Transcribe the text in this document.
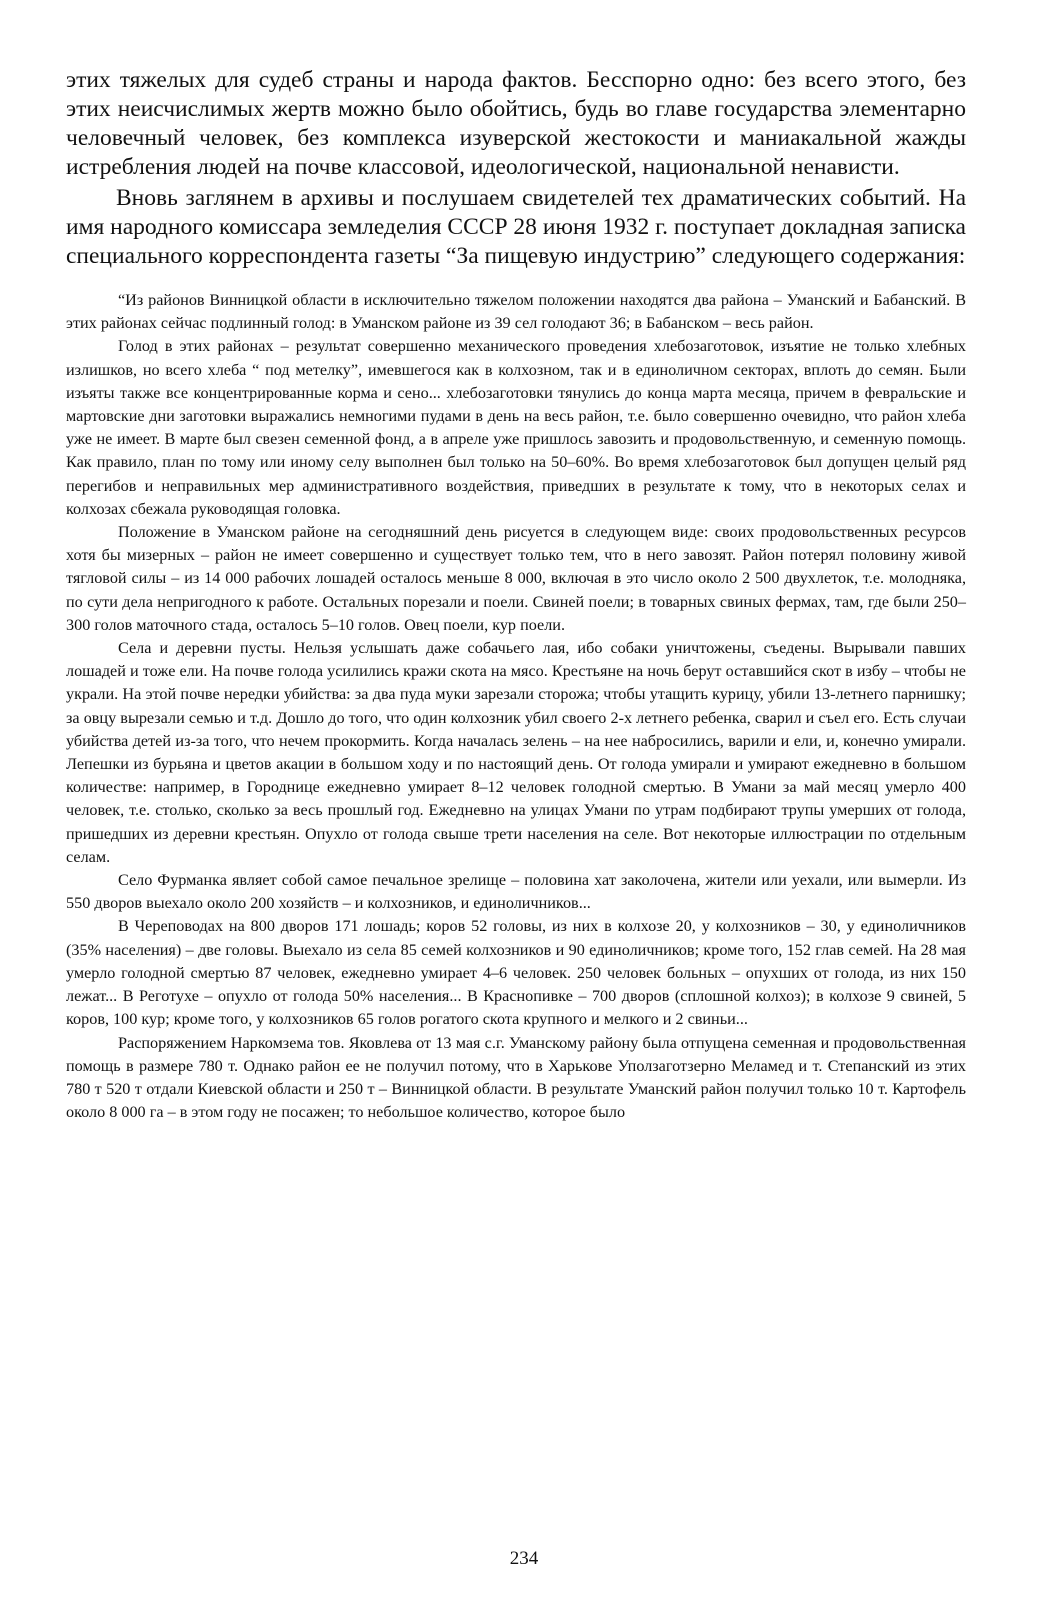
этих тяжелых для судеб страны и народа фактов. Бесспорно одно: без всего этого, без этих неисчислимых жертв можно было обойтись, будь во главе государства элементарно человечный человек, без комплекса изуверской жестокости и маниакальной жажды истребления людей на почве классовой, идеологической, национальной ненависти.

Вновь заглянем в архивы и послушаем свидетелей тех драматических событий. На имя народного комиссара земледелия СССР 28 июня 1932 г. поступает докладная записка специального корреспондента газеты “За пищевую индустрию” следующего содержания:

“Из районов Винницкой области в исключительно тяжелом положении находятся два района – Уманский и Бабанский. В этих районах сейчас подлинный голод: в Уманском районе из 39 сел голодают 36; в Бабанском – весь район.

Голод в этих районах – результат совершенно механического проведения хлебозаготовок, изъятие не только хлебных излишков, но всего хлеба “ под метелку”, имевшегося как в колхозном, так и в единоличном секторах, вплоть до семян. Были изъяты также все концентрированные корма и сено... хлебозаготовки тянулись до конца марта месяца, причем в февральские и мартовские дни заготовки выражались немногими пудами в день на весь район, т.е. было совершенно очевидно, что район хлеба уже не имеет. В марте был свезен семенной фонд, а в апреле уже пришлось завозить и продовольственную, и семенную помощь. Как правило, план по тому или иному селу выполнен был только на 50–60%. Во время хлебозаготовок был допущен целый ряд перегибов и неправильных мер административного воздействия, приведших в результате к тому, что в некоторых селах и колхозах сбежала руководящая головка.

Положение в Уманском районе на сегодняшний день рисуется в следующем виде: своих продовольственных ресурсов хотя бы мизерных – район не имеет совершенно и существует только тем, что в него завозят. Район потерял половину живой тягловой силы – из 14 000 рабочих лошадей осталось меньше 8 000, включая в это число около 2 500 двухлеток, т.е. молодняка, по сути дела непригодного к работе. Остальных порезали и поели. Свиней поели; в товарных свиных фермах, там, где были 250–300 голов маточного стада, осталось 5–10 голов. Овец поели, кур поели.

Села и деревни пусты. Нельзя услышать даже собачьего лая, ибо собаки уничтожены, съедены. Вырывали павших лошадей и тоже ели. На почве голода усилились кражи скота на мясо. Крестьяне на ночь берут оставшийся скот в избу – чтобы не украли. На этой почве нередки убийства: за два пуда муки зарезали сторожа; чтобы утащить курицу, убили 13-летнего парнишку; за овцу вырезали семью и т.д. Дошло до того, что один колхозник убил своего 2-х летнего ребенка, сварил и съел его. Есть случаи убийства детей из-за того, что нечем прокормить. Когда началась зелень – на нее набросились, варили и ели, и, конечно умирали. Лепешки из бурьяна и цветов акации в большом ходу и по настоящий день. От голода умирали и умирают ежедневно в большом количестве: например, в Городнице ежедневно умирает 8–12 человек голодной смертью. В Умани за май месяц умерло 400 человек, т.е. столько, сколько за весь прошлый год. Ежедневно на улицах Умани по утрам подбирают трупы умерших от голода, пришедших из деревни крестьян. Опухло от голода свыше трети населения на селе. Вот некоторые иллюстрации по отдельным селам.

Село Фурманка являет собой самое печальное зрелище – половина хат заколочена, жители или уехали, или вымерли. Из 550 дворов выехало около 200 хозяйств – и колхозников, и единоличников...

В Череповодах на 800 дворов 171 лошадь; коров 52 головы, из них в колхозе 20, у колхозников – 30, у единоличников (35% населения) – две головы. Выехало из села 85 семей колхозников и 90 единоличников; кроме того, 152 глав семей. На 28 мая умерло голодной смертью 87 человек, ежедневно умирает 4–6 человек. 250 человек больных – опухших от голода, из них 150 лежат... В Реготухе – опухло от голода 50% населения... В Краснопивке – 700 дворов (сплошной колхоз); в колхозе 9 свиней, 5 коров, 100 кур; кроме того, у колхозников 65 голов рогатого скота крупного и мелкого и 2 свиньи...

Распоряжением Наркомзема тов. Яковлева от 13 мая с.г. Уманскому району была отпущена семенная и продовольственная помощь в размере 780 т. Однако район ее не получил потому, что в Харькове Уползаготзерно Меламед и т. Степанский из этих 780 т 520 т отдали Киевской области и 250 т – Винницкой области. В результате Уманский район получил только 10 т. Картофель около 8 000 га – в этом году не посажен; то небольшое количество, которое было

234
